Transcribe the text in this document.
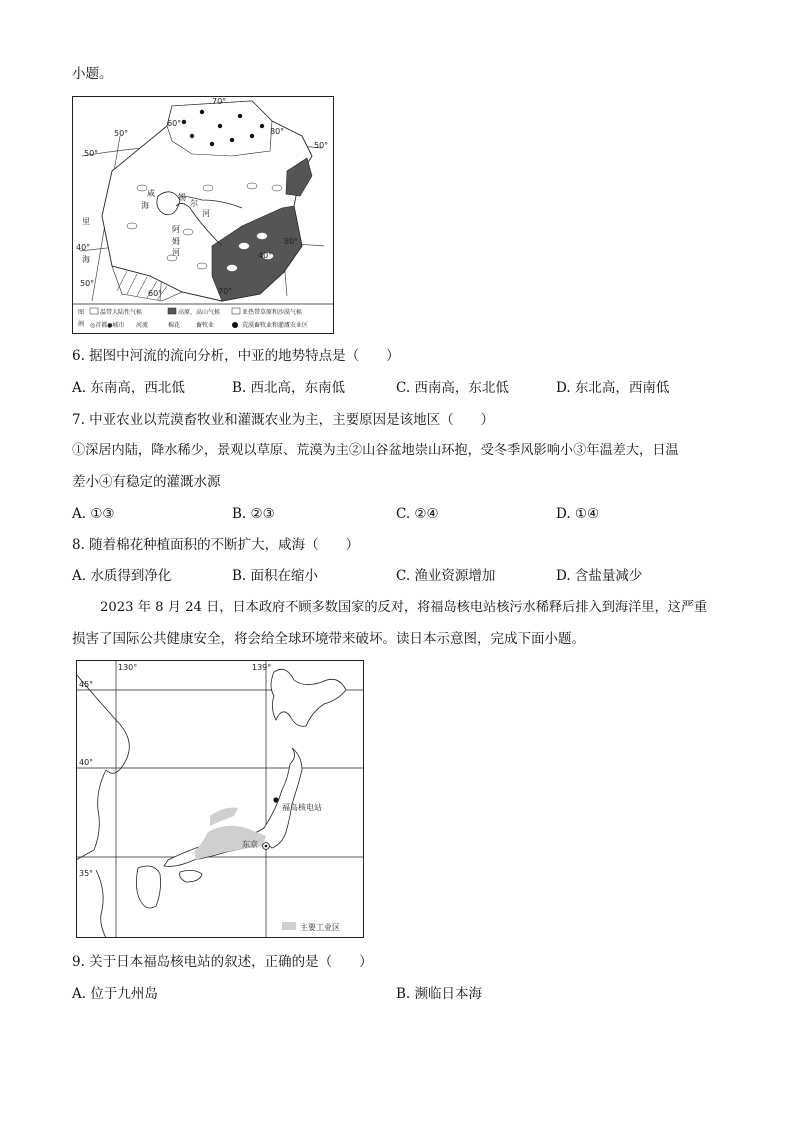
小题。
咸
海
锡
尔
河
阿
姆
河
里
海
50°
50°
60°
70°
80°
50°
40°
80°
40°
50°
60°	70°
图
例
温带大陆性气候	高原、高山气候	亚热带草原和沙漠气候
◎首都●城市 河流	棉花	畜牧业	荒漠畜牧业和灌溉农业区
6. 据图中河流的流向分析，中亚的地势特点是（　　）
A. 东南高，西北低	B. 西北高，东南低	C. 西南高，东北低	D. 东北高，西南低
7. 中亚农业以荒漠畜牧业和灌溉农业为主，主要原因是该地区（　　）
①深居内陆，降水稀少，景观以草原、荒漠为主②山谷盆地崇山环抱，受冬季风影响小③年温差大，日温
差小④有稳定的灌溉水源
A. ①③	B. ②③	C. ②④	D. ①④
8. 随着棉花种植面积的不断扩大，咸海（　　）
A. 水质得到净化	B. 面积在缩小	C. 渔业资源增加	D. 含盐量减少
2023 年 8 月 24 日，日本政府不顾多数国家的反对，将福岛核电站核污水稀释后排入到海洋里，这严重
损害了国际公共健康安全，将会给全球环境带来破坏。读日本示意图，完成下面小题。
130°	139°
45°
40°
35°
福岛核电站
东京
主要工业区
9. 关于日本福岛核电站的叙述，正确的是（　　）
A. 位于九州岛	B. 濒临日本海
